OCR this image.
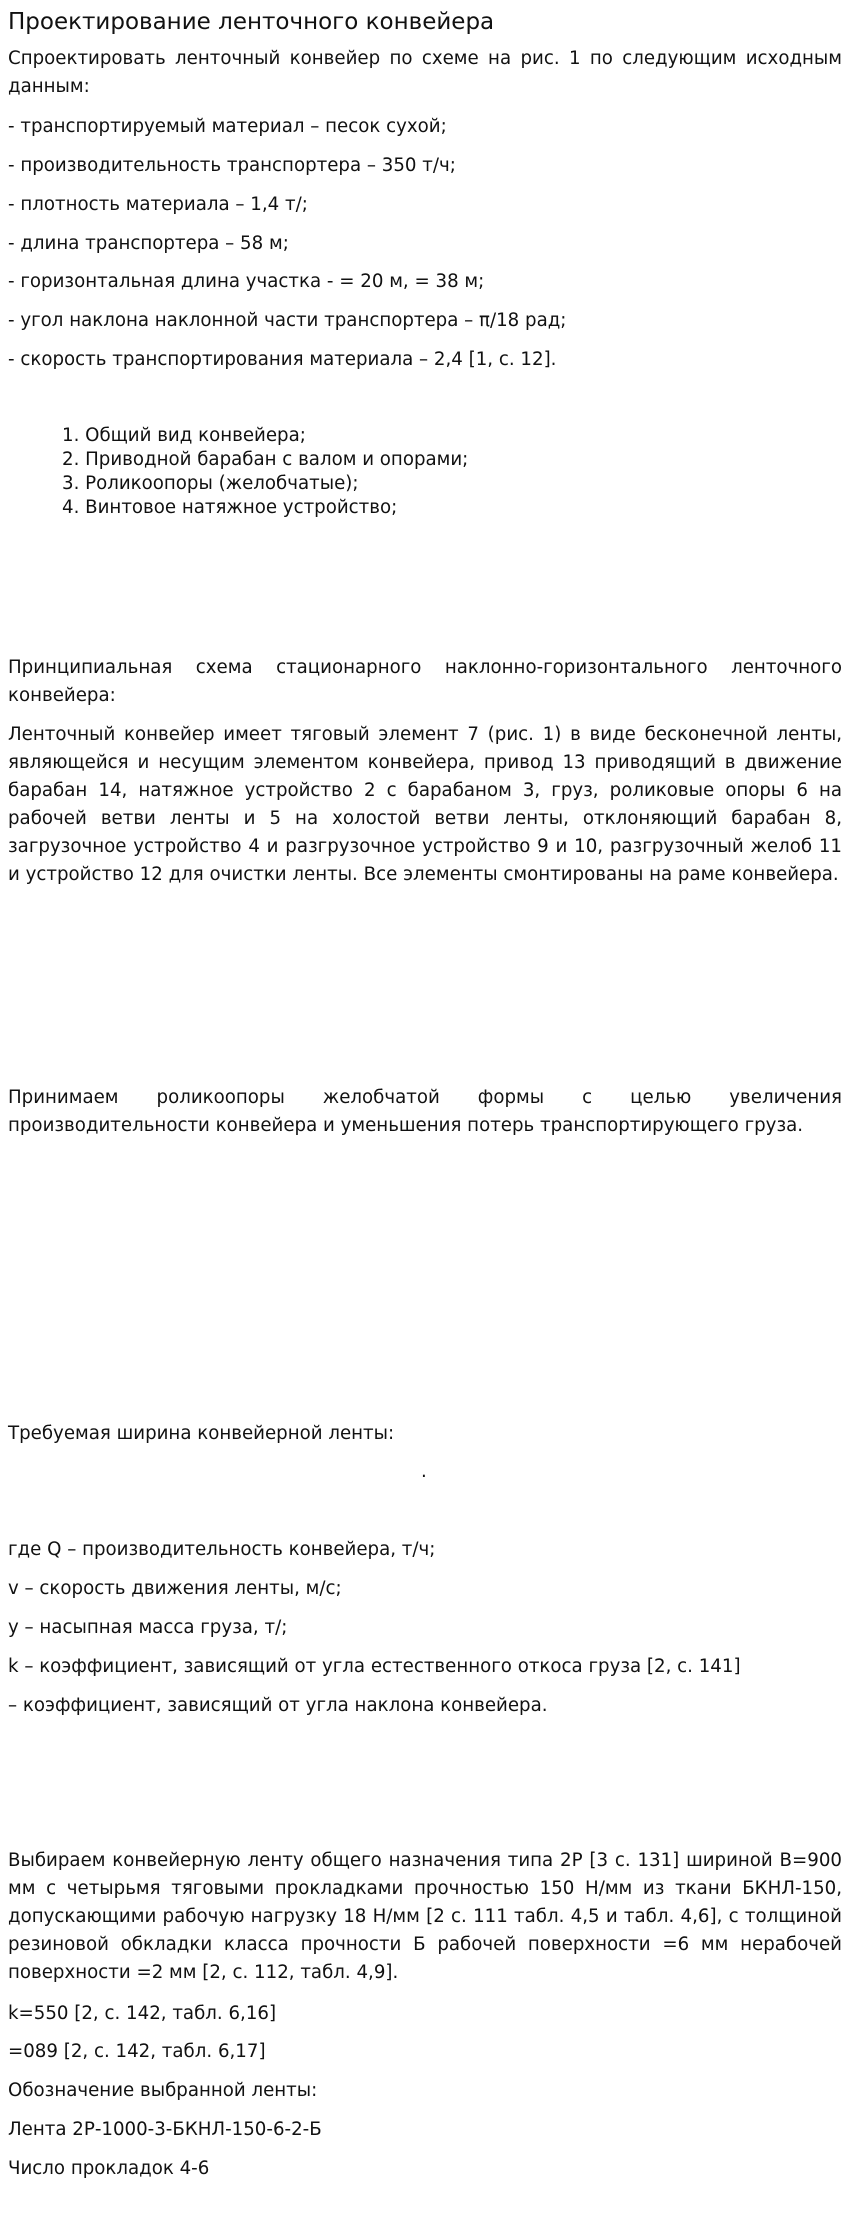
Проектирование ленточного конвейера
Спроектировать ленточный конвейер по схеме на рис. 1 по следующим исходным данным:
- транспортируемый материал – песок сухой;
- производительность транспортера – 350 т/ч;
- плотность материала – 1,4 т/;
- длина транспортера – 58 м;
- горизонтальная длина участка - = 20 м, = 38 м;
- угол наклона наклонной части транспортера – π/18 рад;
- скорость транспортирования материала – 2,4 [1, с. 12].
1. Общий вид конвейера;
2. Приводной барабан с валом и опорами;
3. Роликоопоры (желобчатые);
4. Винтовое натяжное устройство;
Принципиальная схема стационарного наклонно-горизонтального ленточного конвейера:
Ленточный конвейер имеет тяговый элемент 7 (рис. 1) в виде бесконечной ленты, являющейся и несущим элементом конвейера, привод 13 приводящий в движение барабан 14, натяжное устройство 2 с барабаном 3, груз, роликовые опоры 6 на рабочей ветви ленты и 5 на холостой ветви ленты, отклоняющий барабан 8, загрузочное устройство 4 и разгрузочное устройство 9 и 10, разгрузочный желоб 11 и устройство 12 для очистки ленты. Все элементы смонтированы на раме конвейера.
Принимаем роликоопоры желобчатой формы с целью увеличения производительности конвейера и уменьшения потерь транспортирующего груза.
Требуемая ширина конвейерной ленты:
.
где Q – производительность конвейера, т/ч;
v – скорость движения ленты, м/с;
у – насыпная масса груза, т/;
k – коэффициент, зависящий от угла естественного откоса груза [2, с. 141]
– коэффициент, зависящий от угла наклона конвейера.
Выбираем конвейерную ленту общего назначения типа 2Р [3 с. 131] шириной В=900 мм с четырьмя тяговыми прокладками прочностью 150 Н/мм из ткани БКНЛ-150, допускающими рабочую нагрузку 18 Н/мм [2 с. 111 табл. 4,5 и табл. 4,6], с толщиной резиновой обкладки класса прочности Б рабочей поверхности =6 мм нерабочей поверхности =2 мм [2, с. 112, табл. 4,9].
k=550 [2, с. 142, табл. 6,16]
=089 [2, с. 142, табл. 6,17]
Обозначение выбранной ленты:
Лента 2Р-1000-3-БКНЛ-150-6-2-Б
Число прокладок 4-6
